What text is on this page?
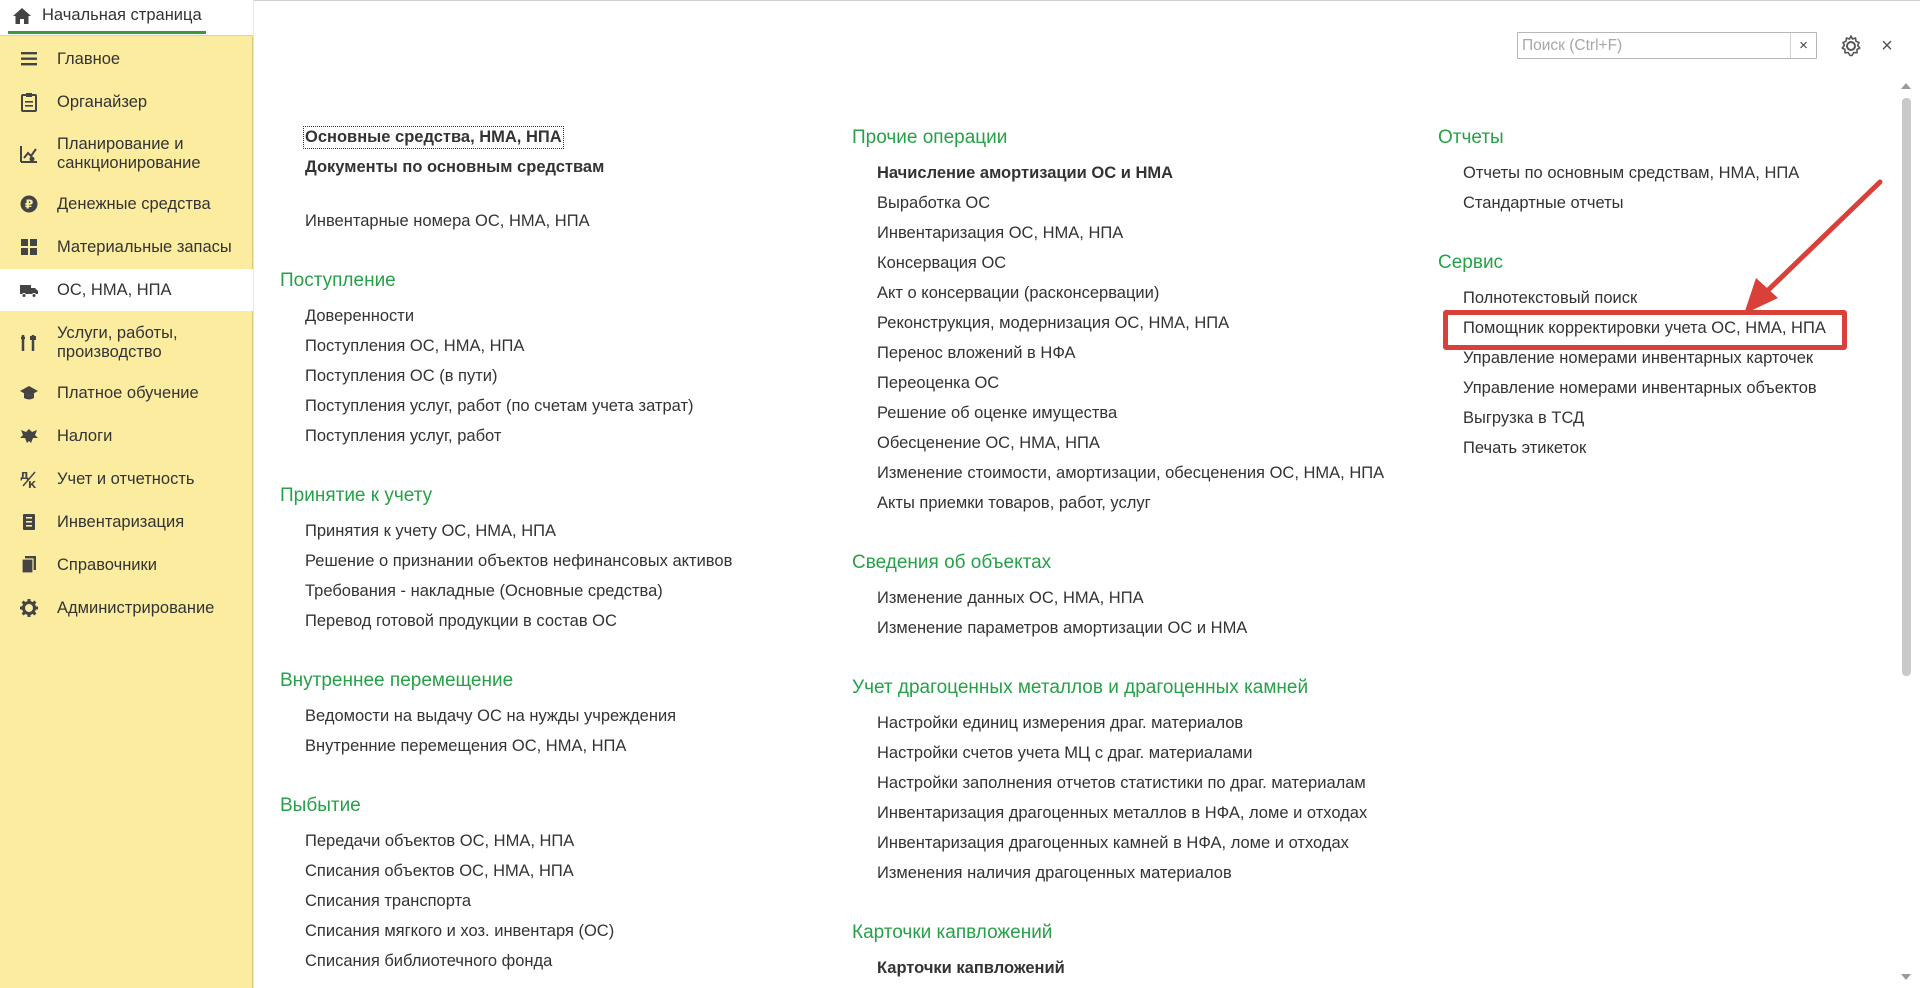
Начальная страница
Главное
Органайзер
Планирование и санкционирование
₽ Денежные средства
Материальные запасы
ОС, НМА, НПА
Услуги, работы, производство
Платное обучение
Налоги
Д
К Учет и отчетность
Инвентаризация
Справочники
Администрирование
Поиск (Ctrl+F)
×	×
Основные средства, НМА, НПА
Документы по основным средствам
Инвентарные номера ОС, НМА, НПА
Поступление
Доверенности
Поступления ОС, НМА, НПА
Поступления ОС (в пути)
Поступления услуг, работ (по счетам учета затрат)
Поступления услуг, работ
Принятие к учету
Принятия к учету ОС, НМА, НПА
Решение о признании объектов нефинансовых активов
Требования - накладные (Основные средства)
Перевод готовой продукции в состав ОС
Внутреннее перемещение
Ведомости на выдачу ОС на нужды учреждения
Внутренние перемещения ОС, НМА, НПА
Выбытие
Передачи объектов ОС, НМА, НПА
Списания объектов ОС, НМА, НПА
Списания транспорта
Списания мягкого и хоз. инвентаря (ОС)
Списания библиотечного фонда
Прочие операции
Начисление амортизации ОС и НМА
Выработка ОС
Инвентаризация ОС, НМА, НПА
Консервация ОС
Акт о консервации (расконсервации)
Реконструкция, модернизация ОС, НМА, НПА
Перенос вложений в НФА
Переоценка ОС
Решение об оценке имущества
Обесценение ОС, НМА, НПА
Изменение стоимости, амортизации, обесценения ОС, НМА, НПА
Акты приемки товаров, работ, услуг
Сведения об объектах
Изменение данных ОС, НМА, НПА
Изменение параметров амортизации ОС и НМА
Учет драгоценных металлов и драгоценных камней
Настройки единиц измерения драг. материалов
Настройки счетов учета МЦ с драг. материалами
Настройки заполнения отчетов статистики по драг. материалам
Инвентаризация драгоценных металлов в НФА, ломе и отходах
Инвентаризация драгоценных камней в НФА, ломе и отходах
Изменения наличия драгоценных материалов
Карточки капвложений
Карточки капвложений
Отчеты
Отчеты по основным средствам, НМА, НПА
Стандартные отчеты
Сервис
Полнотекстовый поиск
Помощник корректировки учета ОС, НМА, НПА
Управление номерами инвентарных карточек
Управление номерами инвентарных объектов
Выгрузка в ТСД
Печать этикеток
